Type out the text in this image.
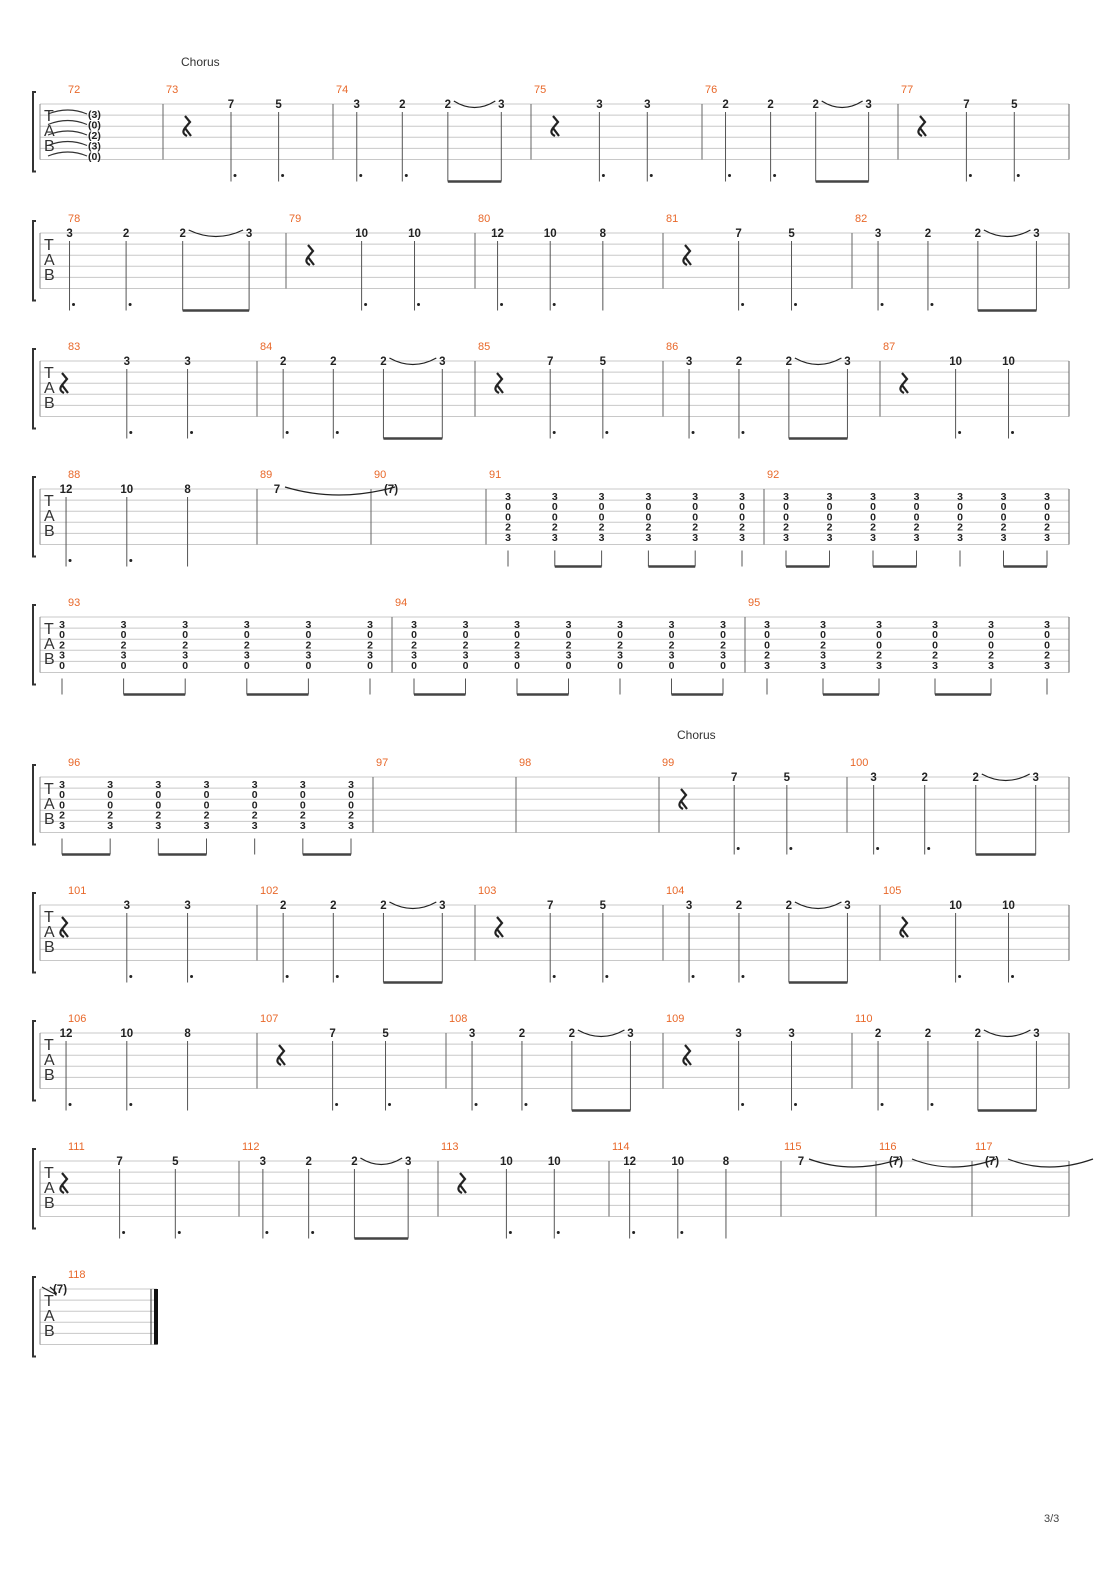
T
A
B
72
(3)
(0)
(2)
(3)
(0)
73
Chorus
7	5
74
3	2	2	3
75
3	3
76
2	2	2	3
77
7	5
T
A
B
78
3	2	2	3
79
10	10
80
12	10	8
81
7	5
82
3	2	2	3
T
A
B
83
3	3
84
2	2	2	3
85
7	5
86
3	2	2	3
87
10	10
T
A
B
88
12	10	8
89
7
90
(7)
91
3
0
0
2
3
3
0
0
2
3
3
0
0
2
3
3
0
0
2
3
3
0
0
2
3
3
0
0
2
3
92
3
0
0
2
3
3
0
0
2
3
3
0
0
2
3
3
0
0
2
3
3
0
0
2
3
3
0
0
2
3
3
0
0
2
3
T
A
B
93
3
0
2
3
0
3
0
2
3
0
3
0
2
3
0
3
0
2
3
0
3
0
2
3
0
3
0
2
3
0
94
3
0
2
3
0
3
0
2
3
0
3
0
2
3
0
3
0
2
3
0
3
0
2
3
0
3
0
2
3
0
3
0
2
3
0
95
3
0
0
2
3
3
0
2
3
3
3
0
0
2
3
3
0
0
2
3
3
0
0
2
3
3
0
0
2
3
T
A
B
96
3
0
0
2
3
3
0
0
2
3
3
0
0
2
3
3
0
0
2
3
3
0
0
2
3
3
0
0
2
3
3
0
0
2
3
97	98	99
Chorus
7	5
100
3	2	2	3
T
A
B
101
3	3
102
2	2	2	3
103
7	5
104
3	2	2	3
105
10	10
T
A
B
106
12	10	8
107
7	5
108
3	2	2	3
109
3	3
110
2	2	2	3
T
A
B
111
7	5
112
3	2	2	3
113
10	10
114
12	10	8
115
7
116
(7)
117
(7)
T
A
B
118
(7)
3/3
